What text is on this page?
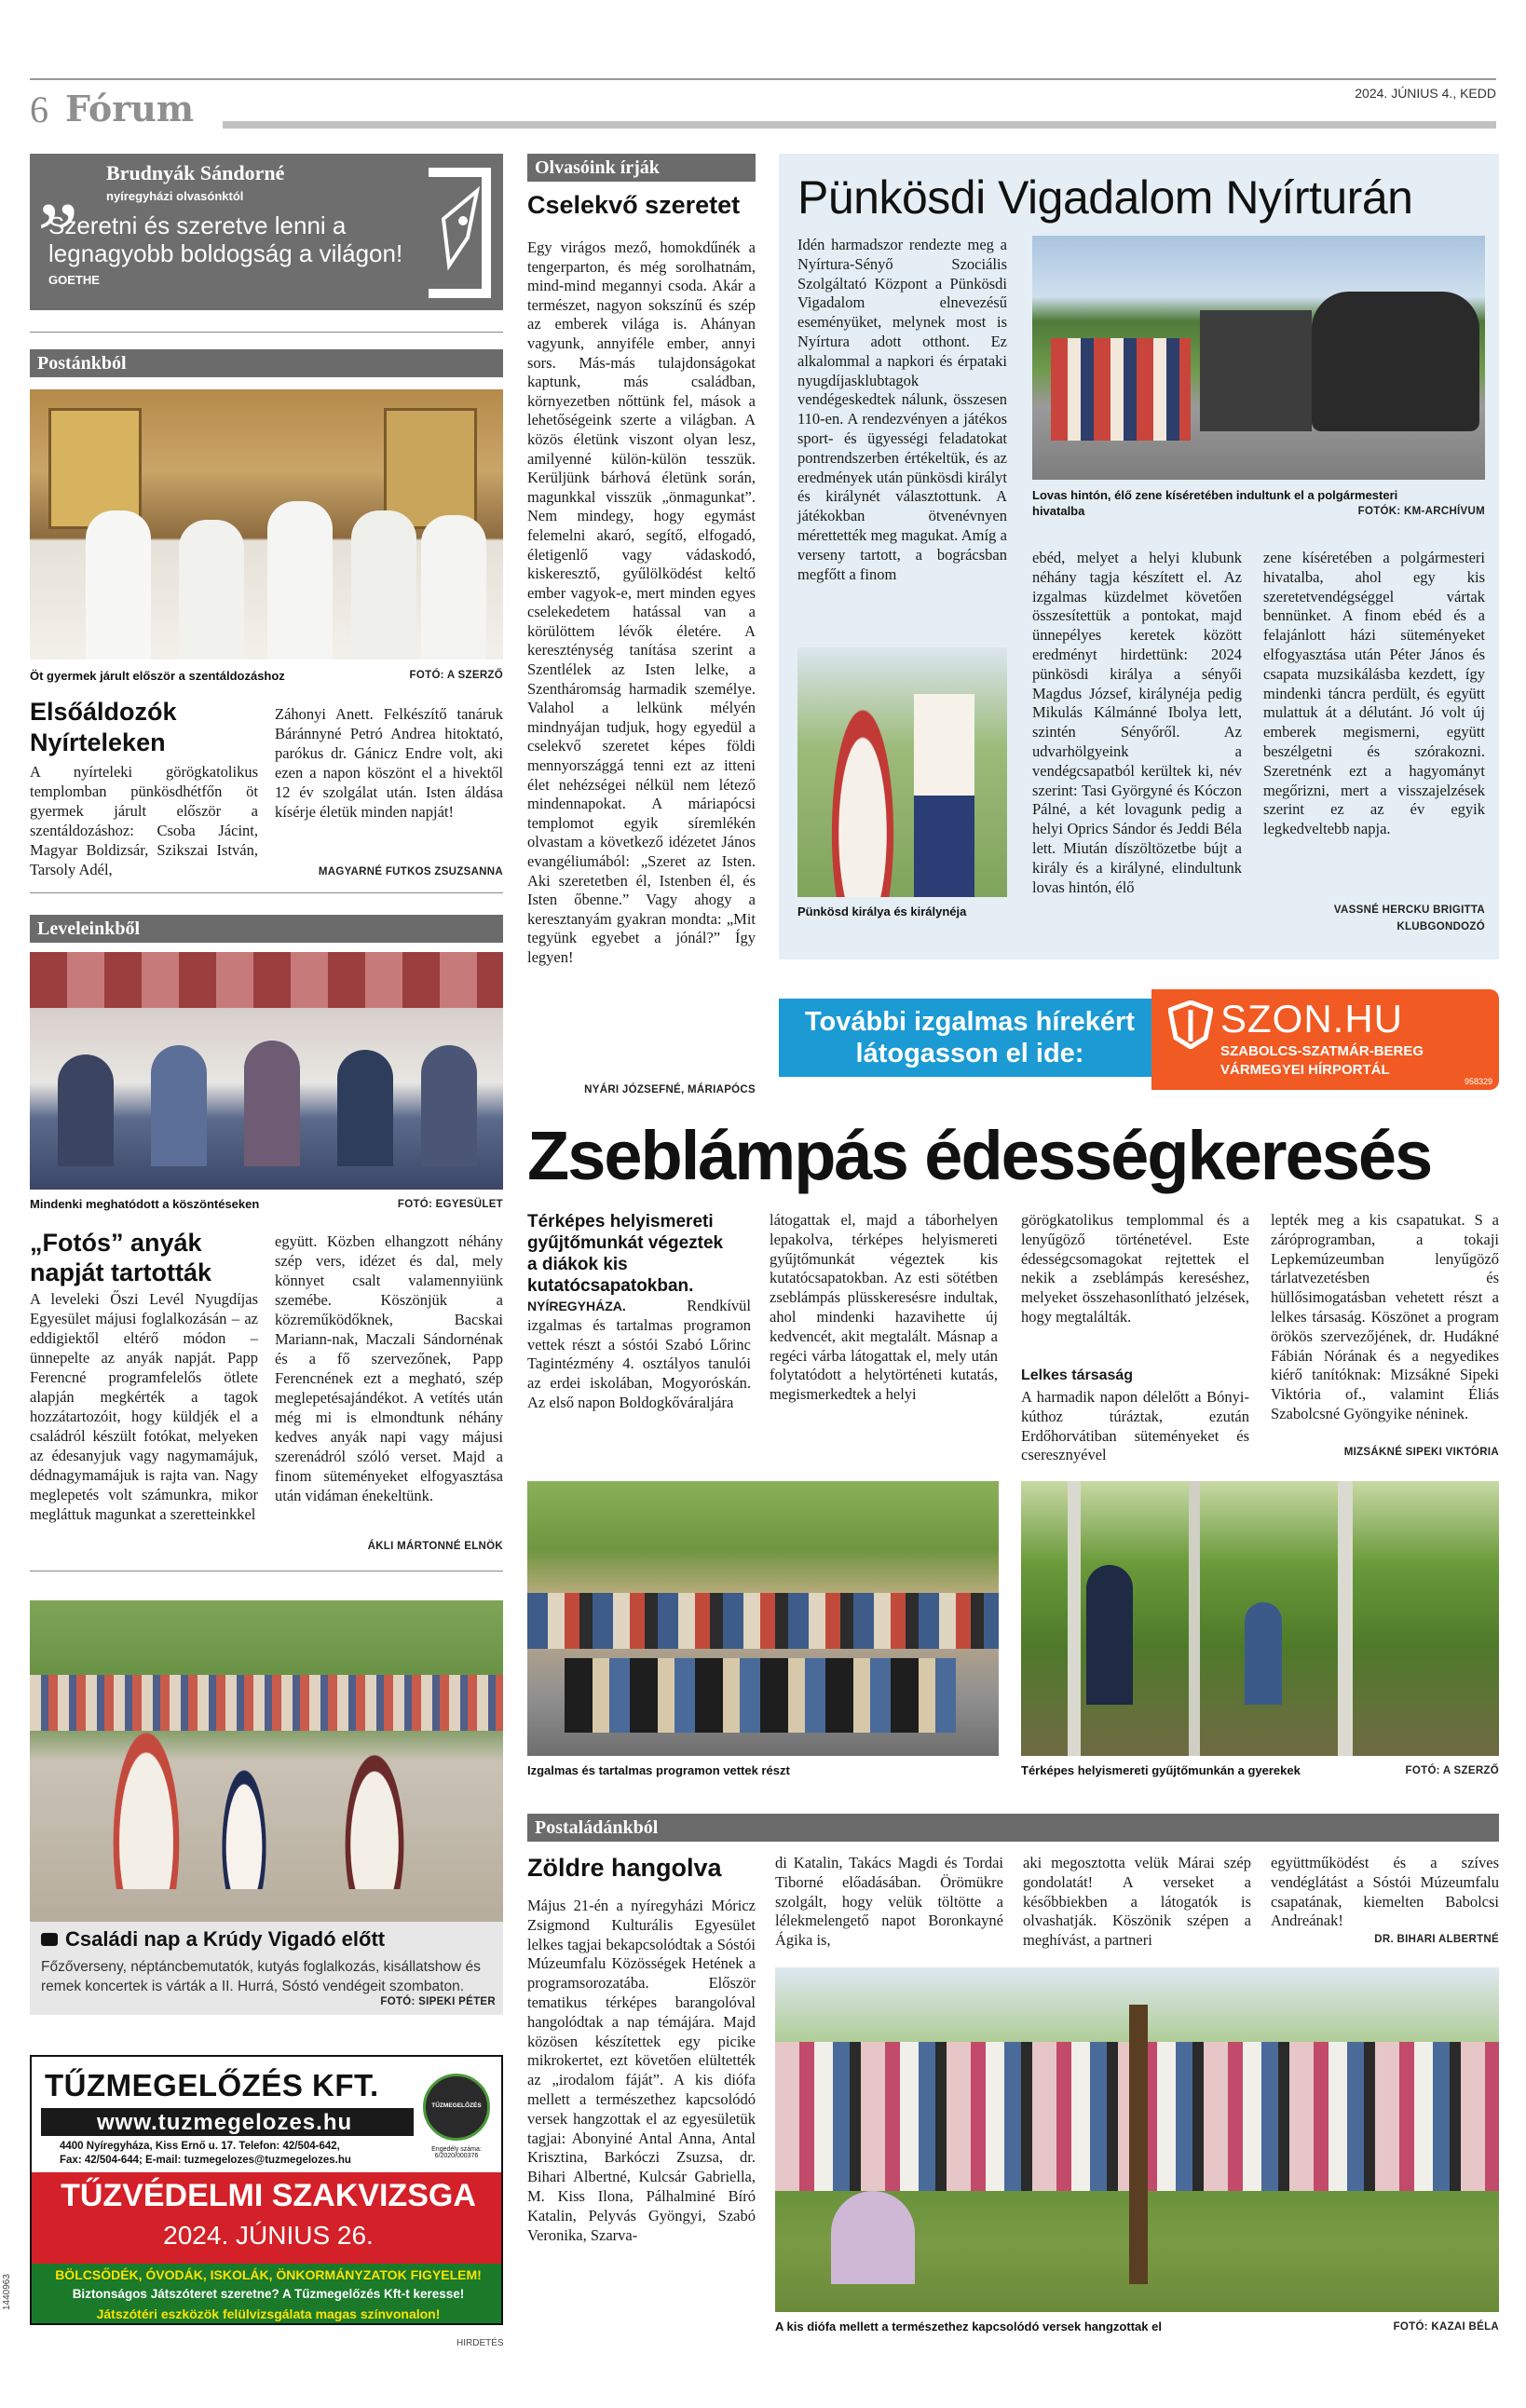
6 Fórum	2024. JÚNIUS 4., KEDD
„ Brudnyák Sándorné
nyíregyházi olvasónktól
Szeretni és szeretve lenni a legnagyobb boldogság a világon!
GOETHE
Postánkból
Öt gyermek járult először a szentáldozáshoz	FOTÓ: A SZERZŐ
Elsőáldozók Nyírteleken
A nyírteleki görögkatolikus templomban pünkösdhétfőn öt gyermek járult először a szentáldozáshoz: Csoba Jácint, Magyar Boldizsár, Szikszai István, Tarsoly Adél,
Záhonyi Anett. Felkészítő tanáruk Báránnyné Petró Andrea hitoktató, parókus dr. Gánicz Endre volt, aki ezen a napon köszönt el a hivektől 12 év szolgálat után. Isten áldása kísérje életük minden napját!
MAGYARNÉ FUTKOS ZSUZSANNA
Leveleinkből
Mindenki meghatódott a köszöntéseken	FOTÓ: EGYESÜLET
„Fotós” anyák napját tartották
A leveleki Őszi Levél Nyugdíjas Egyesület májusi foglalkozásán – az eddigiektől eltérő módon – ünnepelte az anyák napját. Papp Ferencné programfelelős ötlete alapján megkérték a tagok hozzátartozóit, hogy küldjék el a családról készült fotókat, melyeken az édesanyjuk vagy nagymamájuk, dédnagymamájuk is rajta van. Nagy meglepetés volt számunkra, mikor megláttuk magunkat a szeretteinkkel
együtt. Közben elhangzott néhány szép vers, idézet és dal, mely könnyet csalt valamennyiünk szemébe. Köszönjük a közreműködőknek, Bacskai Mariann-nak, Maczali Sándornénak és a fő szervezőnek, Papp Ferencnének ezt a megható, szép meglepetésajándékot. A vetítés után még mi is elmondtunk néhány kedves anyák napi vagy májusi szerenádról szóló verset. Majd a finom süteményeket elfogyasztása után vidáman énekeltünk.
ÁKLI MÁRTONNÉ ELNÖK
Családi nap a Krúdy Vigadó előtt
Főzőverseny, néptáncbemutatók, kutyás foglalkozás, kisállatshow és remek koncertek is várták a II. Hurrá, Sóstó vendégeit szombaton.
FOTÓ: SIPEKI PÉTER
TŰZMEGELŐZÉS KFT.
www.tuzmegelozes.hu
4400 Nyíregyháza, Kiss Ernő u. 17. Telefon: 42/504-642,
Fax: 42/504-644; E-mail: tuzmegelozes@tuzmegelozes.hu
TŰZMEGELŐZÉS
Engedély száma: 6/2020/000376
TŰZVÉDELMI SZAKVIZSGA
2024. JÚNIUS 26.
BÖLCSŐDÉK, ÓVODÁK, ISKOLÁK, ÖNKORMÁNYZATOK FIGYELEM!
Biztonságos Játszóteret szeretne? A Tűzmegelőzés Kft-t keresse!
Játszótéri eszközök felülvizsgálata magas színvonalon!
1440963
HIRDETÉS
Olvasóink írják
Cselekvő szeretet
Egy virágos mező, homokdűnék a tengerparton, és még sorolhatnám, mind-mind megannyi csoda. Akár a természet, nagyon sokszínű és szép az emberek világa is. Ahányan vagyunk, annyiféle ember, annyi sors. Más-más tulajdonságokat kaptunk, más családban, környezetben nőttünk fel, mások a lehetőségeink szerte a világban. A közös életünk viszont olyan lesz, amilyenné külön-külön tesszük. Kerüljünk bárhová életünk során, magunkkal visszük „önmagunkat”. Nem mindegy, hogy egymást felemelni akaró, segítő, elfogadó, életigenlő vagy vádaskodó, kiskeresztő, gyűlölködést keltő ember vagyok-e, mert minden egyes cselekedetem hatással van a körülöttem lévők életére. A kereszténység tanítása szerint a Szentlélek az Isten lelke, a Szentháromság harmadik személye. Valahol a lelkünk mélyén mindnyájan tudjuk, hogy egyedül a cselekvő szeretet képes földi mennyországgá tenni ezt az itteni élet nehézségei nélkül nem létező mindennapokat. A máriapócsi templomot egyik síremlékén olvastam a következő idézetet János evangéliumából: „Szeret az Isten. Aki szeretetben él, Istenben él, és Isten őbenne.” Vagy ahogy a keresztanyám gyakran mondta: „Mit tegyünk egyebet a jónál?” Így legyen!
NYÁRI JÓZSEFNÉ, MÁRIAPÓCS
Pünkösdi Vigadalom Nyírturán
Idén harmadszor rendezte meg a Nyírtura-Sényő Szociális Szolgáltató Központ a Pünkösdi Vigadalom elnevezésű eseményüket, melynek most is Nyírtura adott otthont. Ez alkalommal a napkori és érpataki nyugdíjasklubtagok vendégeskedtek nálunk, összesen 110-en. A rendezvényen a játékos sport- és ügyességi feladatokat pontrendszerben értékeltük, és az eredmények után pünkösdi királyt és királynét választottunk. A játékokban ötvenévnyen mérettették meg magukat. Amíg a verseny tartott, a bográcsban megfőtt a finom
Lovas hintón, élő zene kíséretében indultunk el a polgármesteri hivatalba	FOTÓK: KM-ARCHÍVUM
Pünkösd királya és királynéja
ebéd, melyet a helyi klubunk néhány tagja készített el. Az izgalmas küzdelmet követően összesítettük a pontokat, majd ünnepélyes keretek között eredményt hirdettünk: 2024 pünkösdi királya a sényői Magdus József, királynéja pedig Mikulás Kálmánné Ibolya lett, szintén Sényőről. Az udvarhölgyeink a vendégcsapatból kerültek ki, név szerint: Tasi Györgyné és Kóczon Pálné, a két lovagunk pedig a helyi Oprics Sándor és Jeddi Béla lett. Miután díszöltözetbe bújt a király és a királyné, elindultunk lovas hintón, élő
zene kíséretében a polgármesteri hivatalba, ahol egy kis szeretetvendégséggel vártak bennünket. A finom ebéd és a felajánlott házi süteményeket elfogyasztása után Péter János és csapata muzsikálásba kezdett, így mindenki táncra perdült, és együtt mulattuk át a délutánt. Jó volt új emberek megismerni, együtt beszélgetni és szórakozni. Szeretnénk ezt a hagyományt megőrizni, mert a visszajelzések szerint ez az év egyik legkedveltebb napja.
VASSNÉ HERCKU BRIGITTA
KLUBGONDOZÓ
További izgalmas hírekért látogasson el ide:
SZON.HU
SZABOLCS-SZATMÁR-BEREG
VÁRMEGYEI HÍRPORTÁL
958329
Zseblámpás édességkeresés
Térképes helyismereti gyűjtőmunkát végeztek a diákok kis kutatócsapatokban.
NYÍREGYHÁZA. Rendkívül izgalmas és tartalmas programon vettek részt a sóstói Szabó Lőrinc Tagintézmény 4. osztályos tanulói az erdei iskolában, Mogyoróskán. Az első napon Boldogkőváraljára
látogattak el, majd a táborhelyen lepakolva, térképes helyismereti gyűjtőmunkát végeztek kis kutatócsapatokban. Az esti sötétben zseblámpás plüsskeresésre indultak, ahol mindenki hazavihette új kedvencét, akit megtalált. Másnap a regéci várba látogattak el, mely után folytatódott a helytörténeti kutatás, megismerkedtek a helyi
görögkatolikus templommal és a lenyűgöző történetével. Este édességcsomagokat rejtettek el nekik a zseblámpás kereséshez, melyeket összehasonlítható jelzések, hogy megtalálták.
Lelkes társaság
A harmadik napon délelőtt a Bónyi-kúthoz túráztak, ezután Erdőhorvátiban süteményeket és cseresznyével
lepték meg a kis csapatukat. S a záróprogramban, a tokaji Lepkemúzeumban lenyűgöző tárlatvezetésben és hüllősimogatásban vehetett részt a lelkes társaság. Köszönet a program örökös szervezőjének, dr. Hudákné Fábián Nórának és a negyedikes kiérő tanítóknak: Mizsákné Sipeki Viktória of., valamint Éliás Szabolcsné Gyöngyike néninek.
MIZSÁKNÉ SIPEKI VIKTÓRIA
Izgalmas és tartalmas programon vettek részt	Térképes helyismereti gyűjtőmunkán a gyerekek	FOTÓ: A SZERZŐ
Postaládánkból
Zöldre hangolva
Május 21-én a nyíregyházi Móricz Zsigmond Kulturális Egyesület lelkes tagjai bekapcsolódtak a Sóstói Múzeumfalu Közösségek Hetének a programsorozatába. Először tematikus térképes barangolóval hangolódtak a nap témájára. Majd közösen készítettek egy picike mikrokertet, ezt követően elültették az „irodalom fáját”. A kis diófa mellett a természethez kapcsolódó versek hangzottak el az egyesületük tagjai: Abonyiné Antal Anna, Antal Krisztina, Barkóczi Zsuzsa, dr. Bihari Albertné, Kulcsár Gabriella, M. Kiss Ilona, Pálhalminé Bíró Katalin, Pelyvás Gyöngyi, Szabó Veronika, Szarva-
di Katalin, Takács Magdi és Tordai Tiborné előadásában. Örömükre szolgált, hogy velük töltötte a lélekmelengető napot Boronkayné Ágika is,
aki megosztotta velük Márai szép gondolatát! A verseket a későbbiekben a látogatók is olvashatják. Köszönik szépen a meghívást, a partneri
együttműködést és a szíves vendéglátást a Sóstói Múzeumfalu csapatának, kiemelten Babolcsi Andreának!
DR. BIHARI ALBERTNÉ
A kis diófa mellett a természethez kapcsolódó versek hangzottak el	FOTÓ: KAZAI BÉLA
